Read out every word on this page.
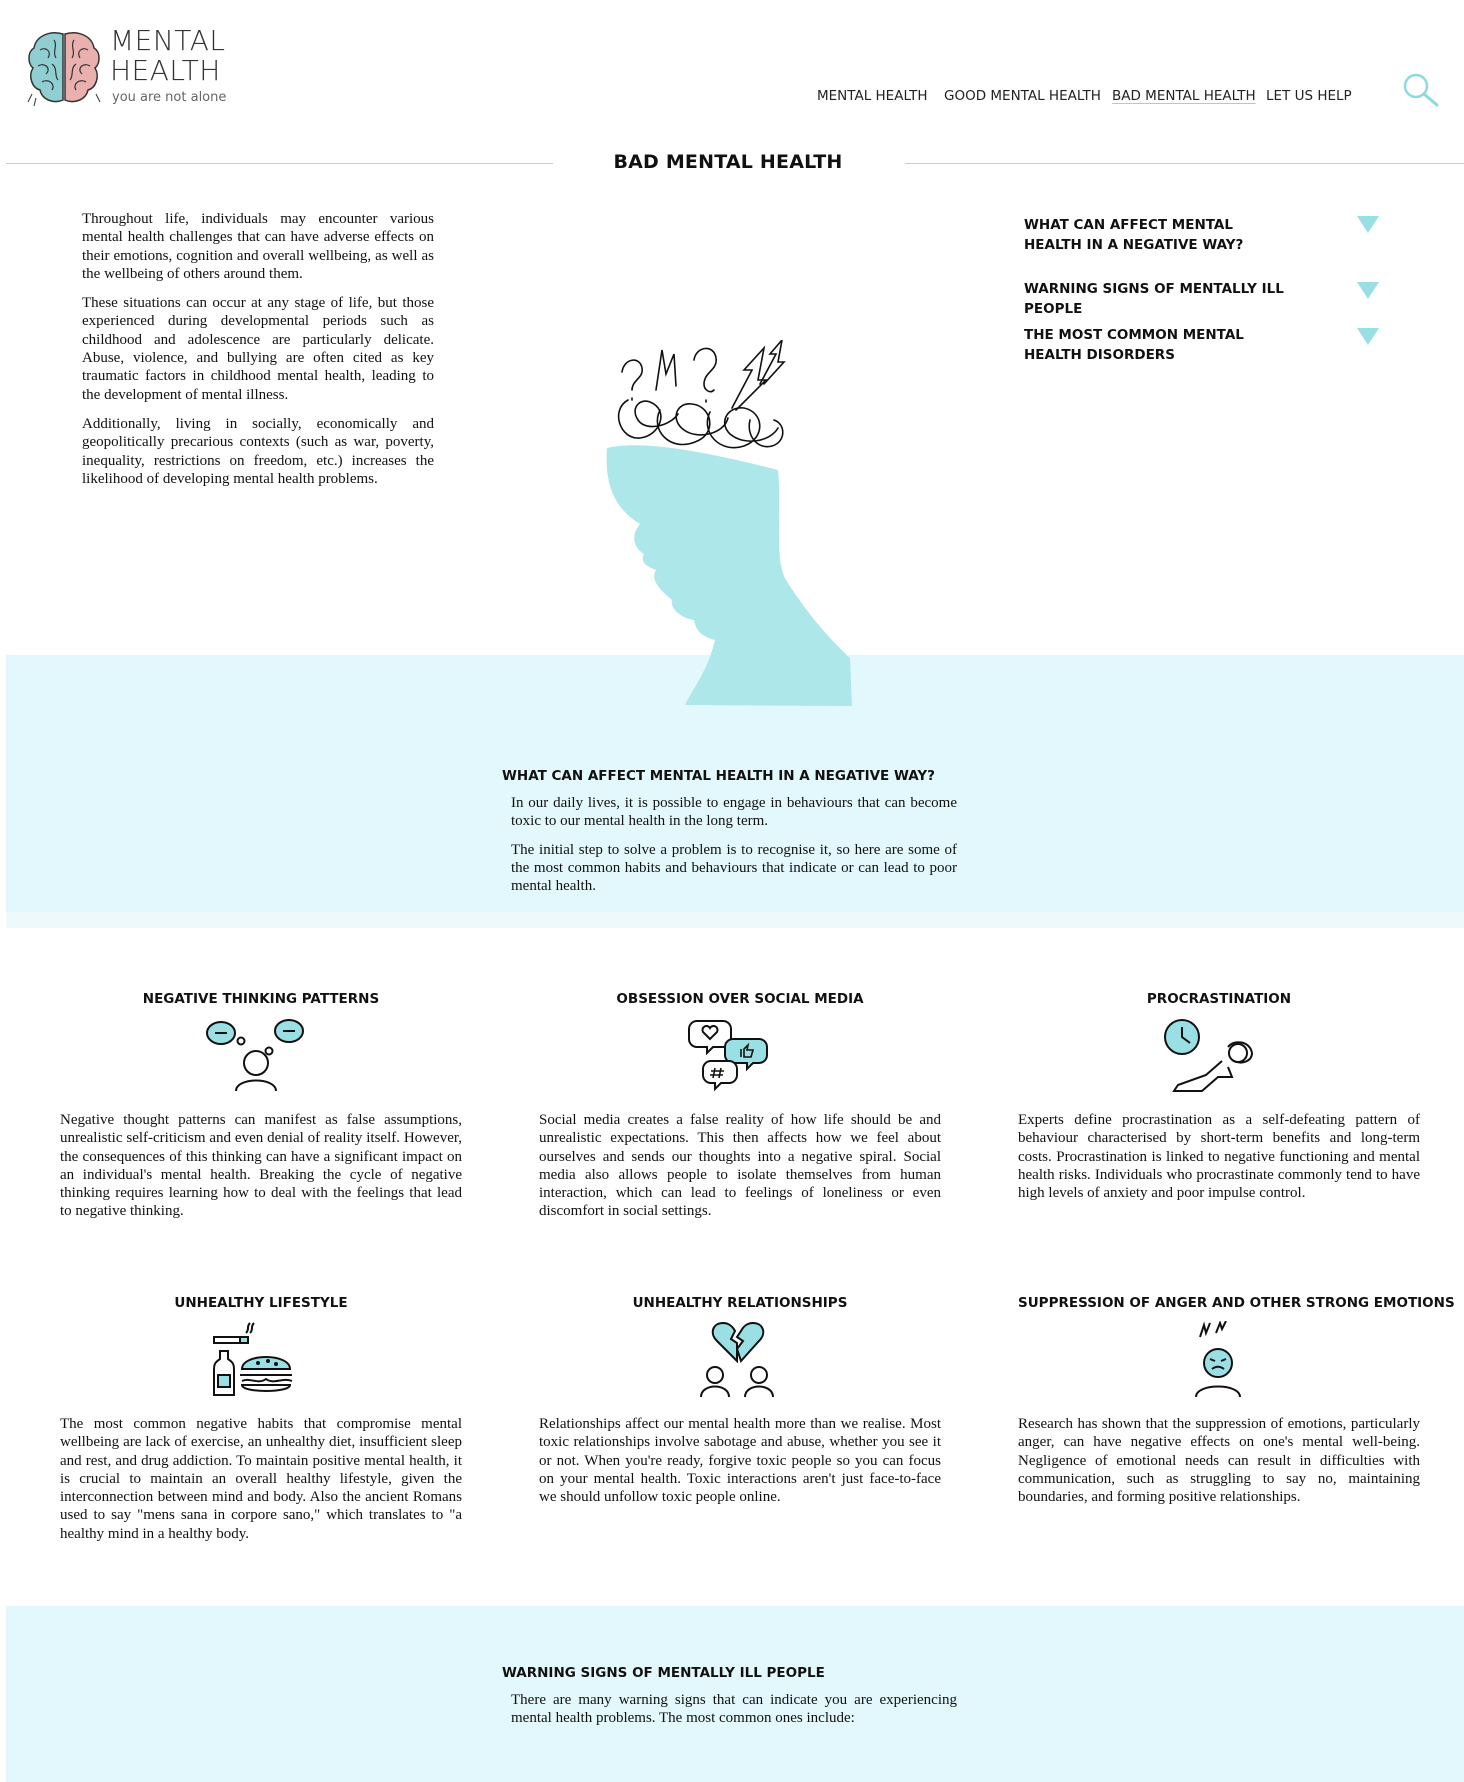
MENTAL
HEALTH
you are not alone	MENTAL HEALTH GOOD MENTAL HEALTH BAD MENTAL HEALTH LET US HELP
BAD MENTAL HEALTH

Throughout life, individuals may encounter various mental health challenges that can have adverse effects on their emotions, cognition and overall wellbeing, as well as the wellbeing of others around them.

These situations can occur at any stage of life, but those experienced during developmental periods such as childhood and adolescence are particularly delicate. Abuse, violence, and bullying are often cited as key traumatic factors in childhood mental health, leading to the development of mental illness.

Additionally, living in socially, economically and geopolitically precarious contexts (such as war, poverty, inequality, restrictions on freedom, etc.) increases the likelihood of developing mental health problems.

WHAT CAN AFFECT MENTAL HEALTH IN A NEGATIVE WAY?
WARNING SIGNS OF MENTALLY ILL PEOPLE
THE MOST COMMON MENTAL HEALTH DISORDERS
WHAT CAN AFFECT MENTAL HEALTH IN A NEGATIVE WAY?

In our daily lives, it is possible to engage in behaviours that can become toxic to our mental health in the long term.

The initial step to solve a problem is to recognise it, so here are some of the most common habits and behaviours that indicate or can lead to poor mental health.

NEGATIVE THINKING PATTERNS
Negative thought patterns can manifest as false assumptions, unrealistic self-criticism and even denial of reality itself. However, the consequences of this thinking can have a significant impact on an individual's mental health. Breaking the cycle of negative thinking requires learning how to deal with the feelings that lead to negative thinking.
OBSESSION OVER SOCIAL MEDIA
Social media creates a false reality of how life should be and unrealistic expectations. This then affects how we feel about ourselves and sends our thoughts into a negative spiral. Social media also allows people to isolate themselves from human interaction, which can lead to feelings of loneliness or even discomfort in social settings.
PROCRASTINATION
Experts define procrastination as a self-defeating pattern of behaviour characterised by short-term benefits and long-term costs. Procrastination is linked to negative functioning and mental health risks. Individuals who procrastinate commonly tend to have high levels of anxiety and poor impulse control.
UNHEALTHY LIFESTYLE
The most common negative habits that compromise mental wellbeing are lack of exercise, an unhealthy diet, insufficient sleep and rest, and drug addiction. To maintain positive mental health, it is crucial to maintain an overall healthy lifestyle, given the interconnection between mind and body. Also the ancient Romans used to say "mens sana in corpore sano," which translates to "a healthy mind in a healthy body.
UNHEALTHY RELATIONSHIPS
Relationships affect our mental health more than we realise. Most toxic relationships involve sabotage and abuse, whether you see it or not. When you're ready, forgive toxic people so you can focus on your mental health. Toxic interactions aren't just face-to-face we should unfollow toxic people online.
SUPPRESSION OF ANGER AND OTHER STRONG EMOTIONS
Research has shown that the suppression of emotions, particularly anger, can have negative effects on one's mental well-being. Negligence of emotional needs can result in difficulties with communication, such as struggling to say no, maintaining boundaries, and forming positive relationships.
WARNING SIGNS OF MENTALLY ILL PEOPLE

There are many warning signs that can indicate you are experiencing mental health problems. The most common ones include:
